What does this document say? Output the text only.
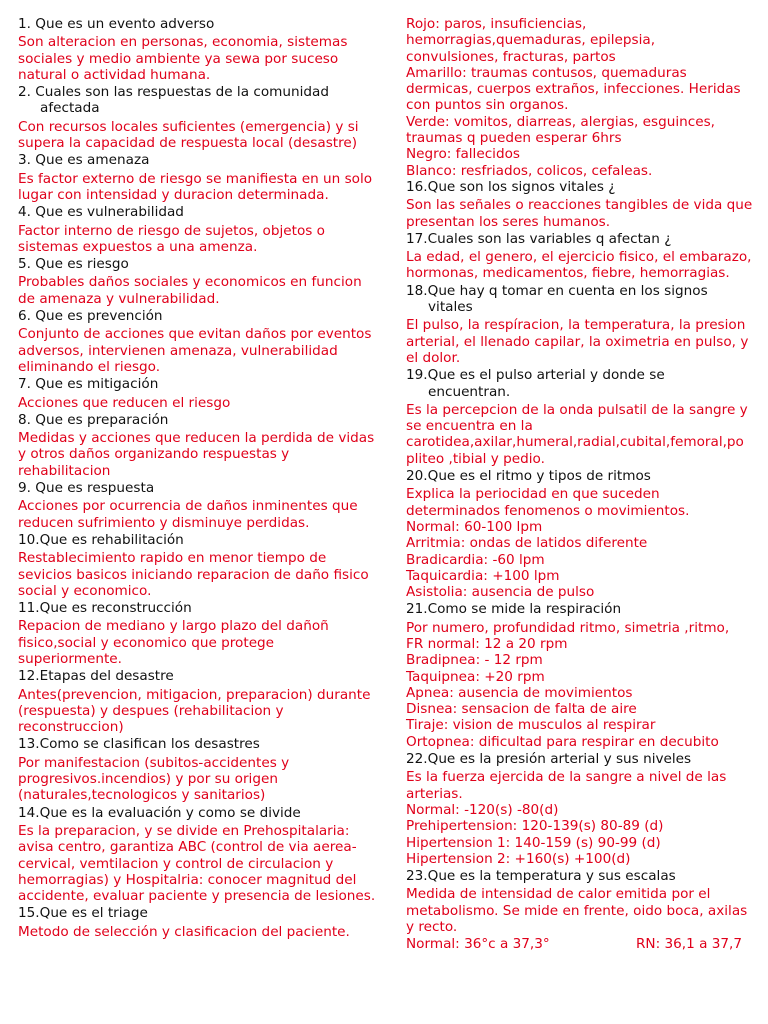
1. Que es un evento adverso
Son alteracion en personas, economia, sistemas sociales y medio ambiente ya sewa por suceso natural o actividad humana.
2. Cuales son las respuestas de la comunidad
afectada
Con recursos locales suficientes (emergencia) y si supera la capacidad de respuesta local (desastre)
3. Que es amenaza
Es factor externo de riesgo se manifiesta en un solo lugar con intensidad y duracion determinada.
4. Que es vulnerabilidad
Factor interno de riesgo de sujetos, objetos o sistemas expuestos a una amenza.
5. Que es riesgo
Probables daños sociales y economicos en funcion de amenaza y vulnerabilidad.
6. Que es prevención
Conjunto de acciones que evitan daños por eventos adversos, intervienen amenaza, vulnerabilidad eliminando el riesgo.
7. Que es mitigación
Acciones que reducen el riesgo
8. Que es preparación
Medidas y acciones que reducen la perdida de vidas y otros daños organizando respuestas y rehabilitacion
9. Que es respuesta
Acciones por ocurrencia de daños inminentes que reducen sufrimiento y disminuye perdidas.
10.Que es rehabilitación
Restablecimiento rapido en menor tiempo de sevicios basicos iniciando reparacion de daño fisico social y economico.
11.Que es reconstrucción
Repacion de mediano y largo plazo del dañoñ fisico,social y economico que protege superiormente.
12.Etapas del desastre
Antes(prevencion, mitigacion, preparacion) durante (respuesta) y despues (rehabilitacion y reconstruccion)
13.Como se clasifican los desastres
Por manifestacion (subitos-accidentes y progresivos.incendios) y por su origen (naturales,tecnologicos y sanitarios)
14.Que es la evaluación y como se divide
Es la preparacion, y se divide en Prehospitalaria: avisa centro, garantiza ABC (control de via aerea-cervical, vemtilacion y control de circulacion y hemorragias) y Hospitalria: conocer magnitud del accidente, evaluar paciente y presencia de lesiones.
15.Que es el triage
Metodo de selección y clasificacion del paciente.
Rojo: paros, insuficiencias,
hemorragias,quemaduras, epilepsia,
convulsiones, fracturas, partos
Amarillo: traumas contusos, quemaduras
dermicas, cuerpos extraños, infecciones. Heridas
con puntos sin organos.
Verde: vomitos, diarreas, alergias, esguinces,
traumas q pueden esperar 6hrs
Negro: fallecidos
Blanco: resfriados, colicos, cefaleas.
16.Que son los signos vitales ¿
Son las señales o reacciones tangibles de vida que presentan los seres humanos.
17.Cuales son las variables q afectan ¿
La edad, el genero, el ejercicio fisico, el embarazo, hormonas, medicamentos, fiebre, hemorragias.
18.Que hay q tomar en cuenta en los signos
vitales
El pulso, la respíracion, la temperatura, la presion arterial, el llenado capilar, la oximetria en pulso, y el dolor.
19.Que es el pulso arterial y donde se
encuentran.
Es la percepcion de la onda pulsatil de la sangre y se encuentra en la carotidea,axilar,humeral,radial,cubital,femoral,po pliteo ,tibial y pedio.
20.Que es el ritmo y tipos de ritmos
Explica la periocidad en que suceden determinados fenomenos o movimientos.
Normal: 60-100 lpm
Arritmia: ondas de latidos diferente
Bradicardia: -60 lpm
Taquicardia: +100 lpm
Asistolia: ausencia de pulso
21.Como se mide la respiración
Por numero, profundidad ritmo, simetria ,ritmo,
FR normal: 12 a 20 rpm
Bradipnea: - 12 rpm
Taquipnea: +20 rpm
Apnea: ausencia de movimientos
Disnea: sensacion de falta de aire
Tiraje: vision de musculos al respirar
Ortopnea: dificultad para respirar en decubito
22.Que es la presión arterial y sus niveles
Es la fuerza ejercida de la sangre a nivel de las arterias.
Normal: -120(s) -80(d)
Prehipertension: 120-139(s) 80-89 (d)
Hipertension 1: 140-159 (s) 90-99 (d)
Hipertension 2: +160(s) +100(d)
23.Que es la temperatura y sus escalas
Medida de intensidad de calor emitida por el metabolismo. Se mide en frente, oido boca, axilas y recto.
Normal: 36°c a 37,3°	RN: 36,1 a 37,7
